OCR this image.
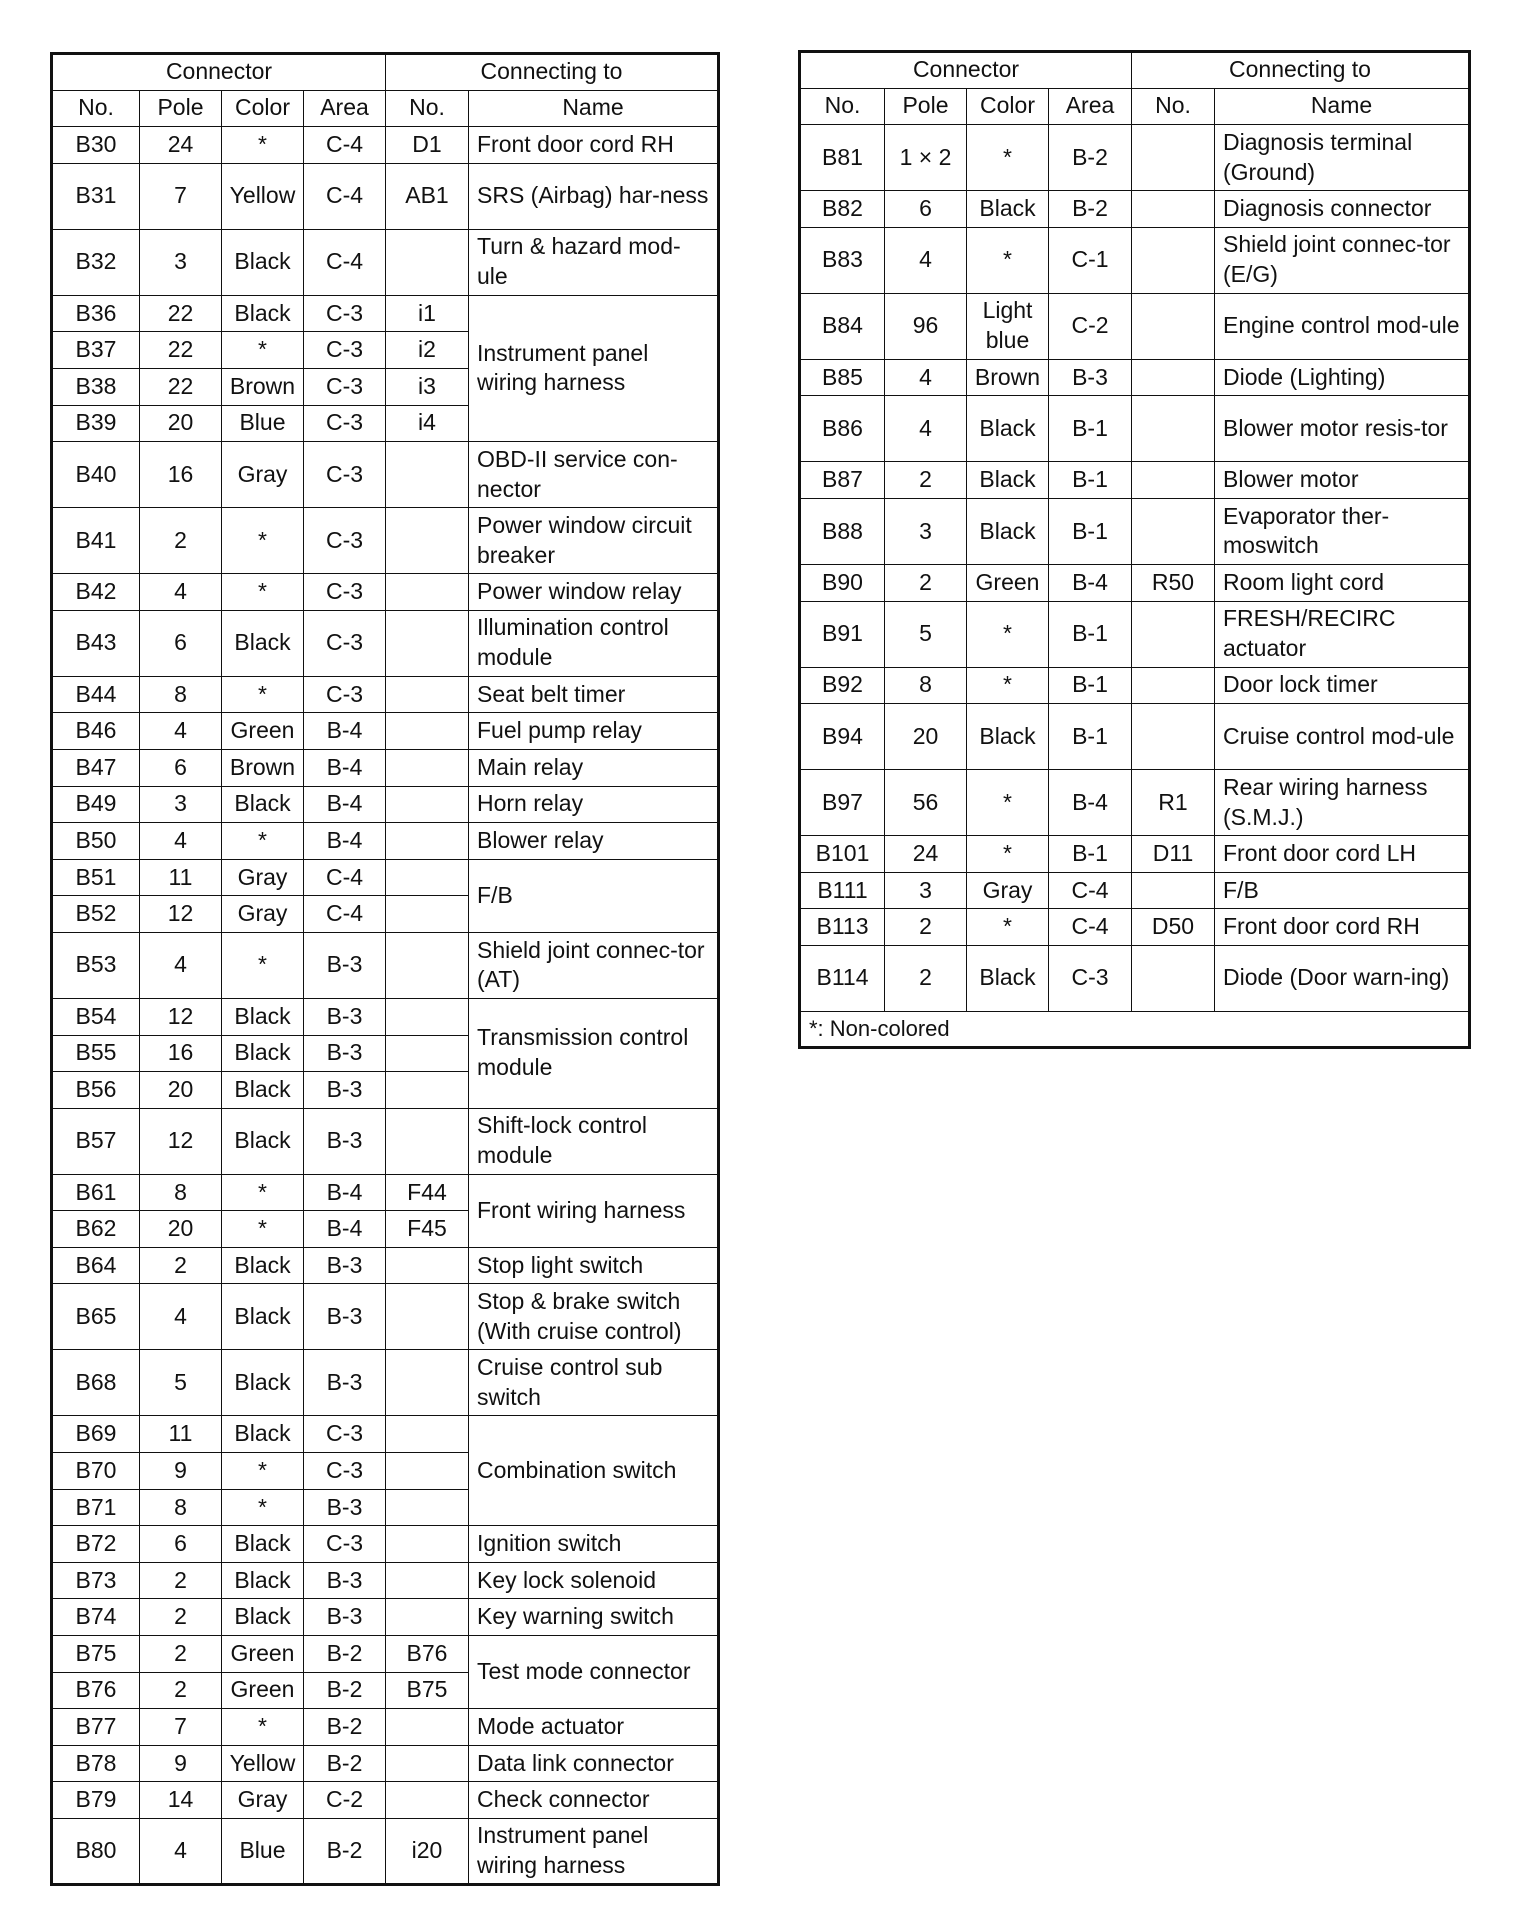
Connector				Connecting to	
No.	Pole	Color	Area	No.	Name
B30	24	*	C-4	D1	Front door cord RH
B31	7	Yellow	C-4	AB1	SRS (Airbag) har-ness
B32	3	Black	C-4		Turn & hazard mod-ule
B36	22	Black	C-3	i1	Instrument panel wiring harness
B37	22	*	C-3	i2	
B38	22	Brown	C-3	i3	
B39	20	Blue	C-3	i4	
B40	16	Gray	C-3		OBD-II service con-nector
B41	2	*	C-3		Power window circuit breaker
B42	4	*	C-3		Power window relay
B43	6	Black	C-3		Illumination control module
B44	8	*	C-3		Seat belt timer
B46	4	Green	B-4		Fuel pump relay
B47	6	Brown	B-4		Main relay
B49	3	Black	B-4		Horn relay
B50	4	*	B-4		Blower relay
B51	11	Gray	C-4		F/B
B52	12	Gray	C-4		
B53	4	*	B-3		Shield joint connec-tor (AT)
B54	12	Black	B-3		Transmission control module
B55	16	Black	B-3		
B56	20	Black	B-3		
B57	12	Black	B-3		Shift-lock control module
B61	8	*	B-4	F44	Front wiring harness
B62	20	*	B-4	F45	
B64	2	Black	B-3		Stop light switch
B65	4	Black	B-3		Stop & brake switch (With cruise control)
B68	5	Black	B-3		Cruise control sub switch
B69	11	Black	C-3		Combination switch
B70	9	*	C-3		
B71	8	*	B-3		
B72	6	Black	C-3		Ignition switch
B73	2	Black	B-3		Key lock solenoid
B74	2	Black	B-3		Key warning switch
B75	2	Green	B-2	B76	Test mode connector
B76	2	Green	B-2	B75	
B77	7	*	B-2		Mode actuator
B78	9	Yellow	B-2		Data link connector
B79	14	Gray	C-2		Check connector
B80	4	Blue	B-2	i20	Instrument panel wiring harness
Connector				Connecting to	
No.	Pole	Color	Area	No.	Name
B81	1 × 2	*	B-2		Diagnosis terminal (Ground)
B82	6	Black	B-2		Diagnosis connector
B83	4	*	C-1		Shield joint connec-tor (E/G)
B84	96	Light blue	C-2		Engine control mod-ule
B85	4	Brown	B-3		Diode (Lighting)
B86	4	Black	B-1		Blower motor resis-tor
B87	2	Black	B-1		Blower motor
B88	3	Black	B-1		Evaporator ther-moswitch
B90	2	Green	B-4	R50	Room light cord
B91	5	*	B-1		FRESH/RECIRC actuator
B92	8	*	B-1		Door lock timer
B94	20	Black	B-1		Cruise control mod-ule
B97	56	*	B-4	R1	Rear wiring harness (S.M.J.)
B101	24	*	B-1	D11	Front door cord LH
B111	3	Gray	C-4		F/B
B113	2	*	C-4	D50	Front door cord RH
B114	2	Black	C-3		Diode (Door warn-ing)
*: Non-colored					
